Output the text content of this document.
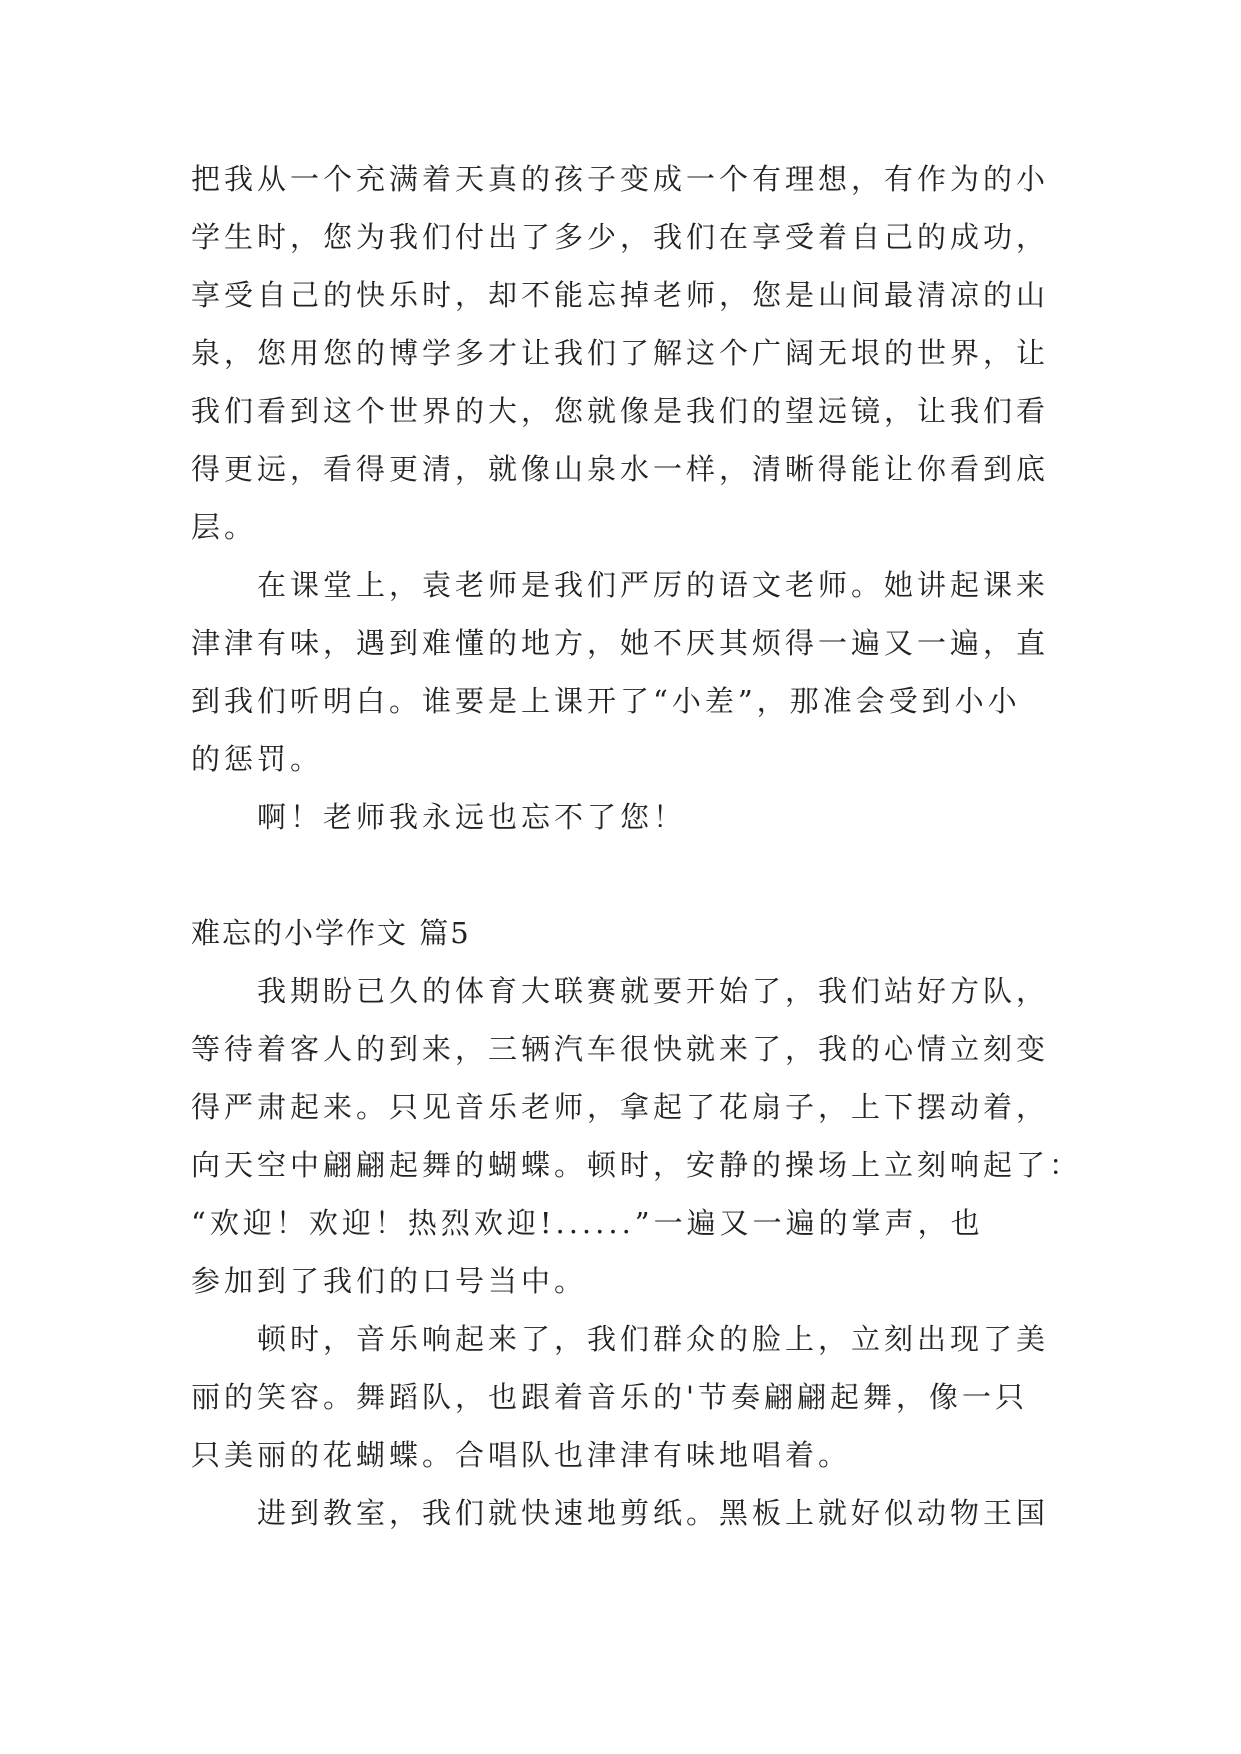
把我从一个充满着天真的孩子变成一个有理想，有作为的小
学生时，您为我们付出了多少，我们在享受着自己的成功，
享受自己的快乐时，却不能忘掉老师，您是山间最清凉的山
泉，您用您的博学多才让我们了解这个广阔无垠的世界，让
我们看到这个世界的大，您就像是我们的望远镜，让我们看
得更远，看得更清，就像山泉水一样，清晰得能让你看到底
层。
在课堂上，袁老师是我们严厉的语文老师。她讲起课来
津津有味，遇到难懂的地方，她不厌其烦得一遍又一遍，直
到我们听明白。谁要是上课开了“小差”，那准会受到小小
的惩罚。
啊！老师我永远也忘不了您！
难忘的小学作文 篇5
我期盼已久的体育大联赛就要开始了，我们站好方队，
等待着客人的到来，三辆汽车很快就来了，我的心情立刻变
得严肃起来。只见音乐老师，拿起了花扇子，上下摆动着，
向天空中翩翩起舞的蝴蝶。顿时，安静的操场上立刻响起了：
“欢迎！欢迎！热烈欢迎!......”一遍又一遍的掌声，也
参加到了我们的口号当中。
顿时，音乐响起来了，我们群众的脸上，立刻出现了美
丽的笑容。舞蹈队，也跟着音乐的'节奏翩翩起舞，像一只
只美丽的花蝴蝶。合唱队也津津有味地唱着。
进到教室，我们就快速地剪纸。黑板上就好似动物王国
